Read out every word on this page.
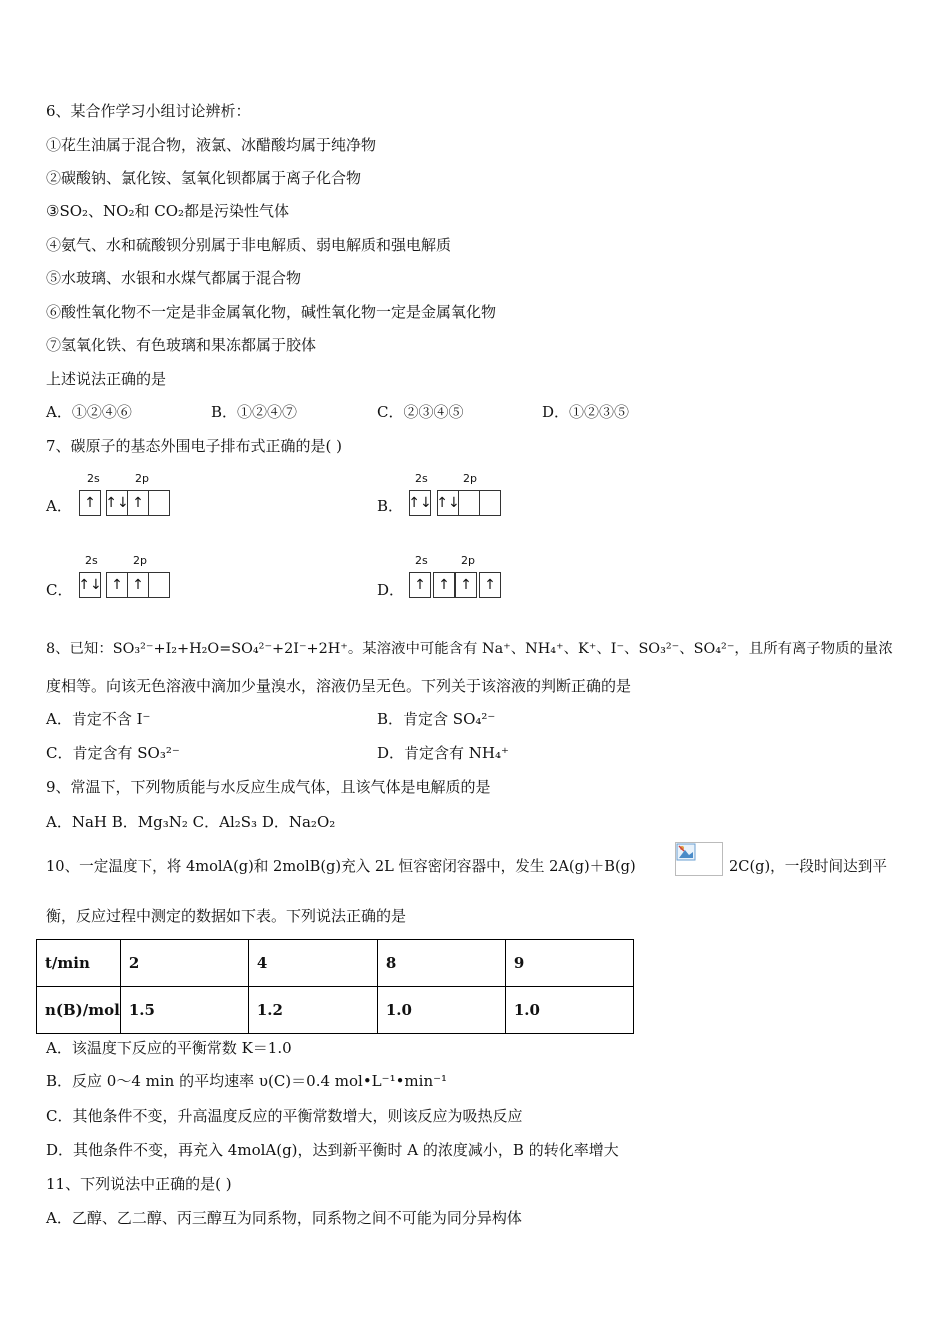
6、某合作学习小组讨论辨析：
①花生油属于混合物，液氯、冰醋酸均属于纯净物
②碳酸钠、氯化铵、氢氧化钡都属于离子化合物
③SO₂、NO₂和 CO₂都是污染性气体
④氨气、水和硫酸钡分别属于非电解质、弱电解质和强电解质
⑤水玻璃、水银和水煤气都属于混合物
⑥酸性氧化物不一定是非金属氧化物，碱性氧化物一定是金属氧化物
⑦氢氧化铁、有色玻璃和果冻都属于胶体
上述说法正确的是
A．①②④⑥	B．①②④⑦	C．②③④⑤	D．①②③⑤
7、碳原子的基态外围电子排布式正确的是( )
A．
2s	2p
↑ ↑↓ ↑	B．
2s	2p
↑↓ ↑↓
C．
2s	2p
↑↓ ↑ ↑	D．
2s	2p
↑ ↑ ↑ ↑
8、已知：SO₃²⁻+I₂+H₂O=SO₄²⁻+2I⁻+2H⁺。某溶液中可能含有 Na⁺、NH₄⁺、K⁺、I⁻、SO₃²⁻、SO₄²⁻，且所有离子物质的量浓
度相等。向该无色溶液中滴加少量溴水，溶液仍呈无色。下列关于该溶液的判断正确的是
A．肯定不含 I⁻	B．肯定含 SO₄²⁻
C．肯定含有 SO₃²⁻	D．肯定含有 NH₄⁺
9、常温下，下列物质能与水反应生成气体，且该气体是电解质的是
A．NaH B．Mg₃N₂ C．Al₂S₃ D．Na₂O₂
10、一定温度下，将 4molA(g)和 2molB(g)充入 2L 恒容密闭容器中，发生 2A(g)＋B(g)	2C(g)，一段时间达到平
衡，反应过程中测定的数据如下表。下列说法正确的是
t/min	2	4	8	9
n(B)/mol	1.5	1.2	1.0	1.0
A．该温度下反应的平衡常数 K＝1.0
B．反应 0～4 min 的平均速率 υ(C)＝0.4 mol•L⁻¹•min⁻¹
C．其他条件不变，升高温度反应的平衡常数增大，则该反应为吸热反应
D．其他条件不变，再充入 4molA(g)，达到新平衡时 A 的浓度减小，B 的转化率增大
11、下列说法中正确的是( )
A．乙醇、乙二醇、丙三醇互为同系物，同系物之间不可能为同分异构体
